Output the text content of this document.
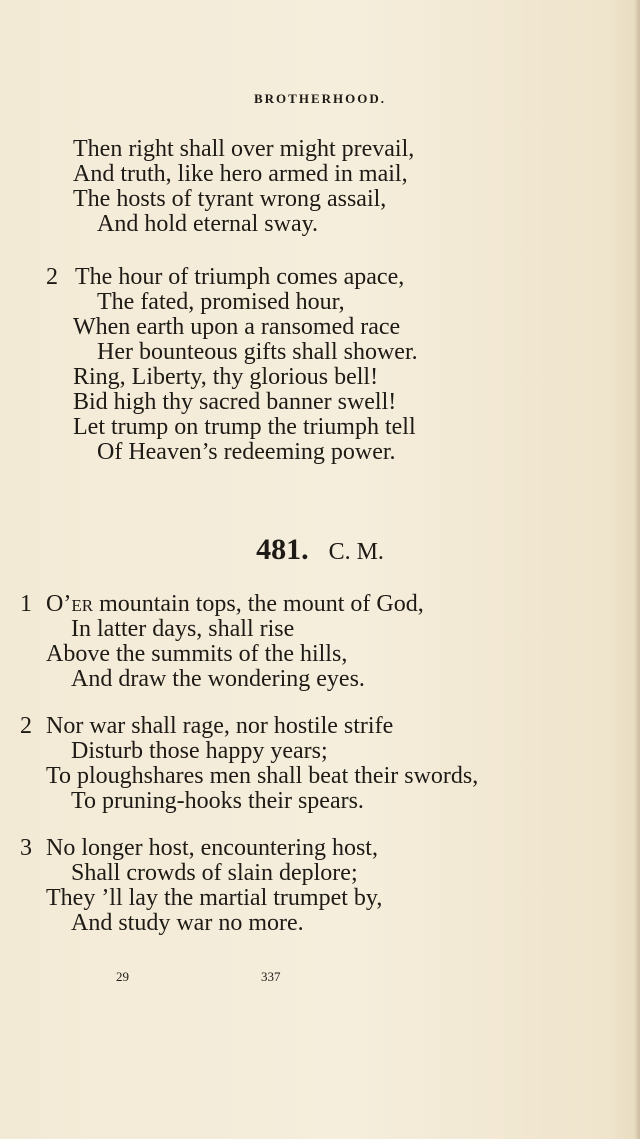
BROTHERHOOD.
Then right shall over might prevail,
And truth, like hero armed in mail,
The hosts of tyrant wrong assail,
And hold eternal sway.
2 The hour of triumph comes apace,
The fated, promised hour,
When earth upon a ransomed race
Her bounteous gifts shall shower.
Ring, Liberty, thy glorious bell!
Bid high thy sacred banner swell!
Let trump on trump the triumph tell
Of Heaven’s redeeming power.
481. C. M.
1 O’er mountain tops, the mount of God,
In latter days, shall rise
Above the summits of the hills,
And draw the wondering eyes.
2 Nor war shall rage, nor hostile strife
Disturb those happy years;
To ploughshares men shall beat their swords,
To pruning-hooks their spears.
3 No longer host, encountering host,
Shall crowds of slain deplore;
They ’ll lay the martial trumpet by,
And study war no more.
29	337
